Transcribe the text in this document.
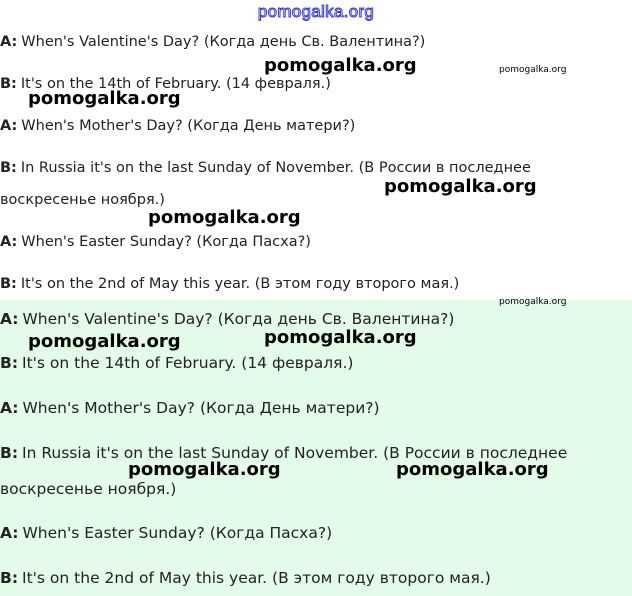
pomogalka.org
A: When's Valentine's Day? (Когда день Св. Валентина?)
B: It's on the 14th of February. (14 февраля.)
A: When's Mother's Day? (Когда День матери?)
B: In Russia it's on the last Sunday of November. (В России в последнее
воскресенье ноября.)
A: When's Easter Sunday? (Когда Пасха?)
B: It's on the 2nd of May this year. (В этом году второго мая.)
A: When's Valentine's Day? (Когда день Св. Валентина?)
B: It's on the 14th of February. (14 февраля.)
A: When's Mother's Day? (Когда День матери?)
B: In Russia it's on the last Sunday of November. (В России в последнее
воскресенье ноября.)
A: When's Easter Sunday? (Когда Пасха?)
B: It's on the 2nd of May this year. (В этом году второго мая.)
pomogalka.org	pomogalka.org
pomogalka.org
pomogalka.org
pomogalka.org
pomogalka.org
pomogalka.org
pomogalka.org
pomogalka.org	pomogalka.org
